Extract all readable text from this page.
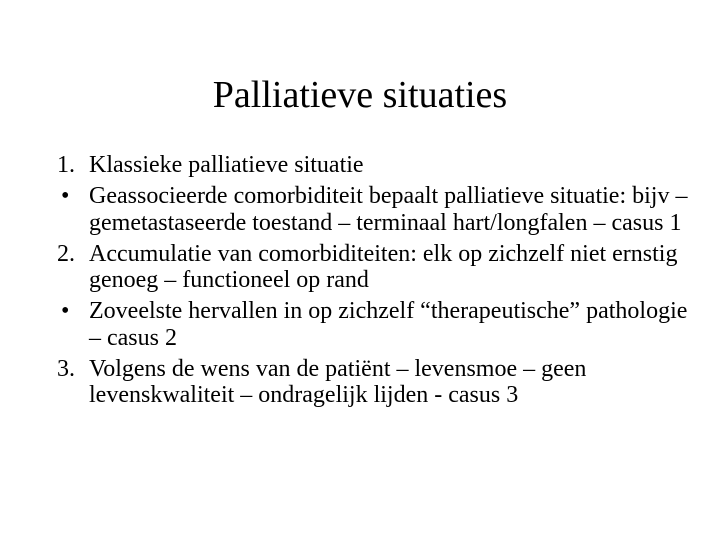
Palliatieve situaties
1. Klassieke palliatieve situatie
• Geassocieerde comorbiditeit bepaalt palliatieve situatie: bijv – gemetastaseerde toestand – terminaal hart/longfalen – casus 1
2. Accumulatie van comorbiditeiten: elk op zichzelf niet ernstig genoeg – functioneel op rand
• Zoveelste hervallen in op zichzelf “therapeutische” pathologie – casus 2
3. Volgens de wens van de patiënt – levensmoe – geen levenskwaliteit – ondragelijk lijden - casus 3
